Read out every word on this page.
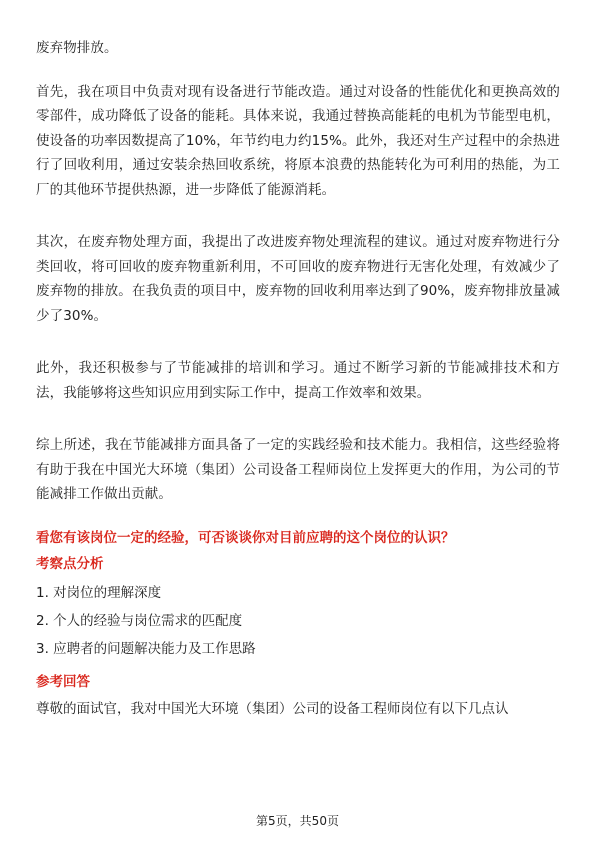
废弃物排放。

首先，我在项目中负责对现有设备进行节能改造。通过对设备的性能优化和更换高效的零部件，成功降低了设备的能耗。具体来说，我通过替换高能耗的电机为节能型电机，使设备的功率因数提高了10%，年节约电力约15%。此外，我还对生产过程中的余热进行了回收利用，通过安装余热回收系统，将原本浪费的热能转化为可利用的热能，为工厂的其他环节提供热源，进一步降低了能源消耗。

其次，在废弃物处理方面，我提出了改进废弃物处理流程的建议。通过对废弃物进行分类回收，将可回收的废弃物重新利用，不可回收的废弃物进行无害化处理，有效减少了废弃物的排放。在我负责的项目中，废弃物的回收利用率达到了90%，废弃物排放量减少了30%。

此外，我还积极参与了节能减排的培训和学习。通过不断学习新的节能减排技术和方法，我能够将这些知识应用到实际工作中，提高工作效率和效果。

综上所述，我在节能减排方面具备了一定的实践经验和技术能力。我相信，这些经验将有助于我在中国光大环境（集团）公司设备工程师岗位上发挥更大的作用，为公司的节能减排工作做出贡献。

看您有该岗位一定的经验，可否谈谈你对目前应聘的这个岗位的认识？
考察点分析
1. 对岗位的理解深度
2. 个人的经验与岗位需求的匹配度
3. 应聘者的问题解决能力及工作思路
参考回答

尊敬的面试官，我对中国光大环境（集团）公司的设备工程师岗位有以下几点认

第5页，共50页
